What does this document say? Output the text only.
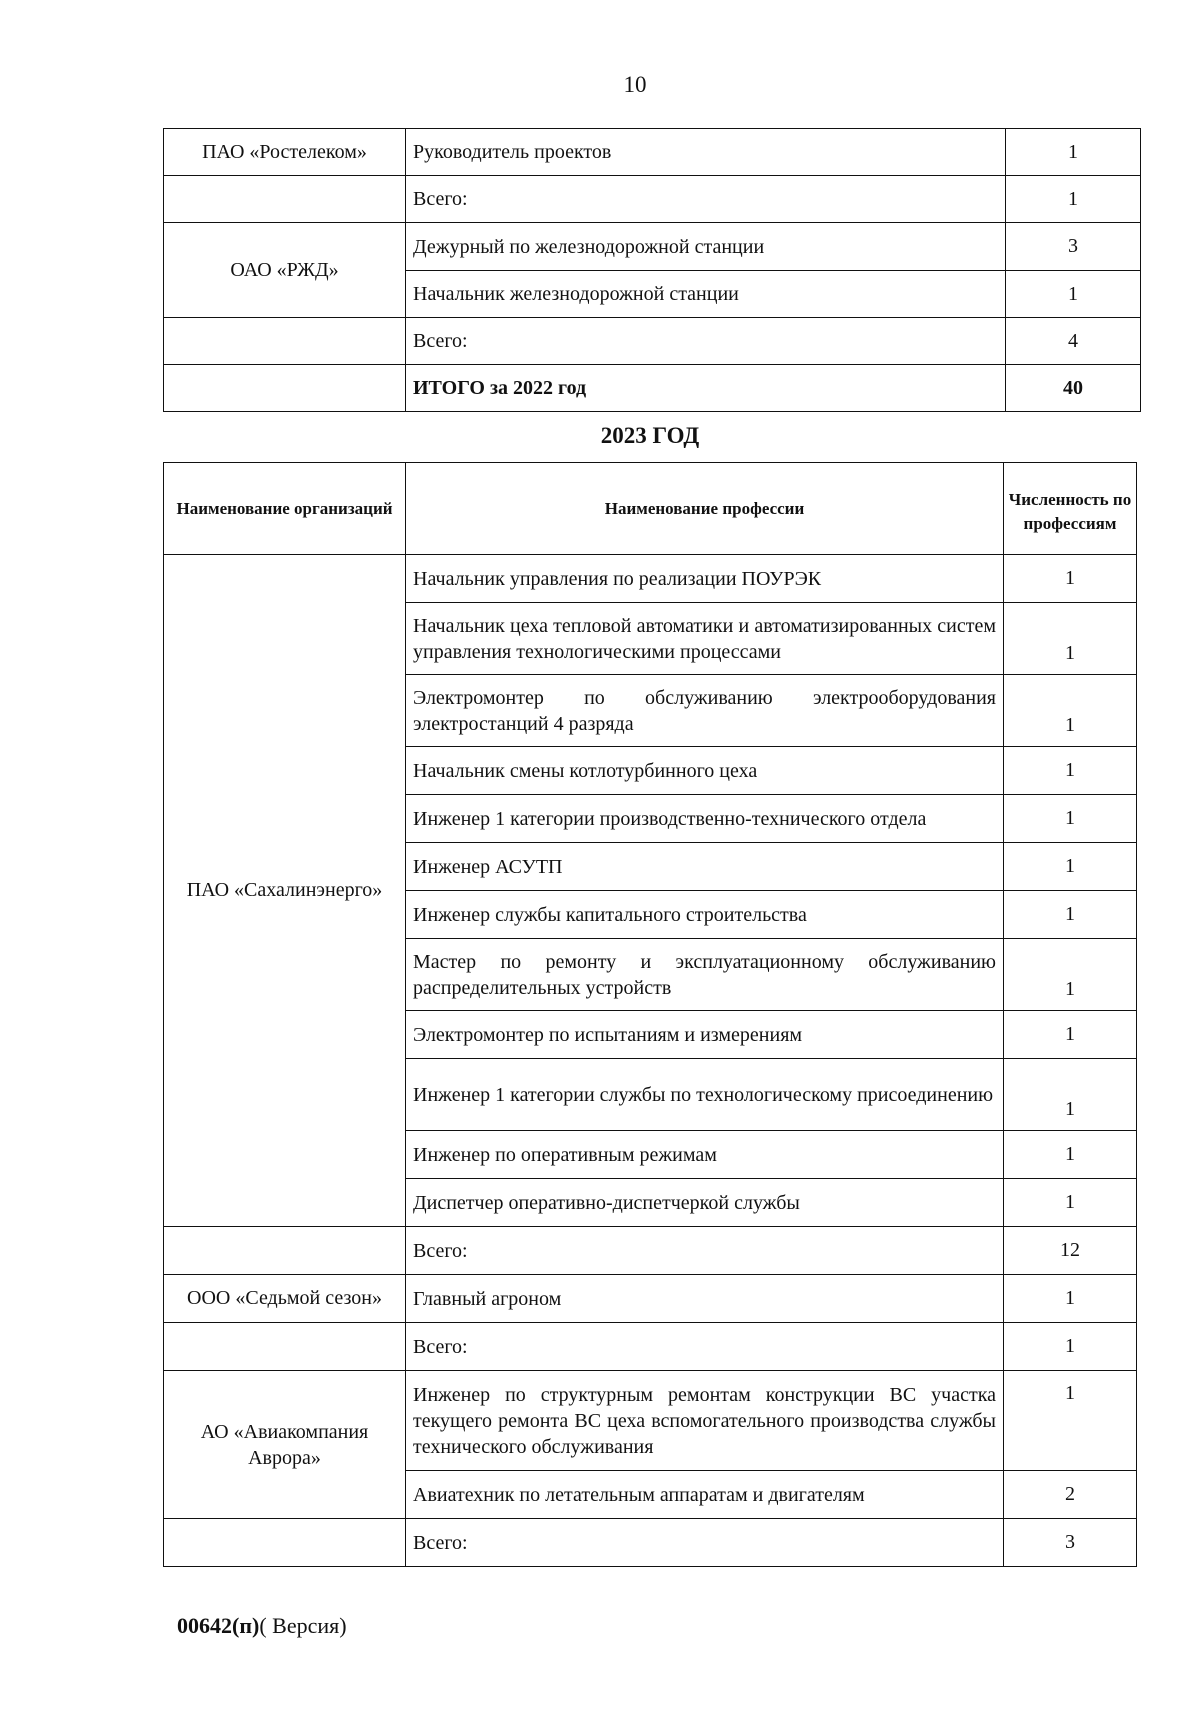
10
ПАО «Ростелеком»	Руководитель проектов	1
	Всего:	1
ОАО «РЖД»	Дежурный по железнодорожной станции	3
	Начальник железнодорожной станции	1
	Всего:	4
	ИТОГО за 2022 год	40
2023 ГОД
Наименование организаций	Наименование профессии	Численность по профессиям
ПАО «Сахалинэнерго»	Начальник управления по реализации ПОУРЭК	1
	Начальник цеха тепловой автоматики и автоматизированных систем управления технологическими процессами	1
	Электромонтер по обслуживанию электрооборудования электростанций 4 разряда	1
	Начальник смены котлотурбинного цеха	1
	Инженер 1 категории производственно-технического отдела	1
	Инженер АСУТП	1
	Инженер службы капитального строительства	1
	Мастер по ремонту и эксплуатационному обслуживанию распределительных устройств	1
	Электромонтер по испытаниям и измерениям	1
	Инженер 1 категории службы по технологическому присоединению	1
	Инженер по оперативным режимам	1
	Диспетчер оперативно-диспетчеркой службы	1
	Всего:	12
ООО «Седьмой сезон»	Главный агроном	1
	Всего:	1
АО «Авиакомпания Аврора»	Инженер по структурным ремонтам конструкции ВС участка текущего ремонта ВС цеха вспомогательного производства службы технического обслуживания	1
	Авиатехник по летательным аппаратам и двигателям	2
	Всего:	3
00642(п)( Версия)
